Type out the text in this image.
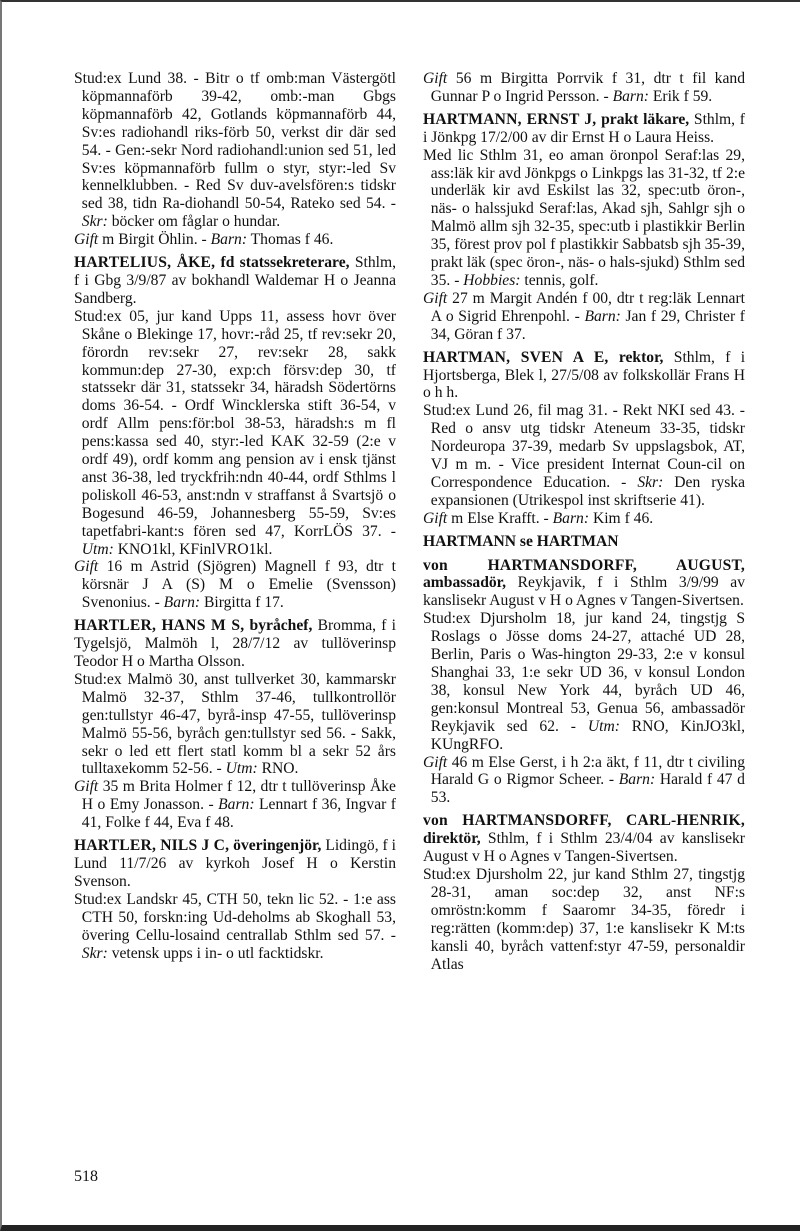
Stud:ex Lund 38. - Bitr o tf omb:man Västergötl köpmannaförb 39-42, omb:-man Gbgs köpmannaförb 42, Gotlands köpmannaförb 44, Sv:es radiohandl riks-förb 50, verkst dir där sed 54. - Gen:-sekr Nord radiohandl:union sed 51, led Sv:es köpmannaförb fullm o styr, styr:-led Sv kennelklubben. - Red Sv duv-avelsfören:s tidskr sed 38, tidn Ra-diohandl 50-54, Rateko sed 54. - Skr: böcker om fåglar o hundar.

Gift m Birgit Öhlin. - Barn: Thomas f 46.

HARTELIUS, ÅKE, fd statssekreterare, Sthlm, f i Gbg 3/9/87 av bokhandl Waldemar H o Jeanna Sandberg.

Stud:ex 05, jur kand Upps 11, assess hovr över Skåne o Blekinge 17, hovr:-råd 25, tf rev:sekr 20, förordn rev:sekr 27, rev:sekr 28, sakk kommun:dep 27-30, exp:ch försv:dep 30, tf statssekr där 31, statssekr 34, häradsh Södertörns doms 36-54. - Ordf Wincklerska stift 36-54, v ordf Allm pens:för:bol 38-53, häradsh:s m fl pens:kassa sed 40, styr:-led KAK 32-59 (2:e v ordf 49), ordf komm ang pension av i ensk tjänst anst 36-38, led tryckfrih:ndn 40-44, ordf Sthlms l poliskoll 46-53, anst:ndn v straffanst å Svartsjö o Bogesund 46-59, Johannesberg 55-59, Sv:es tapetfabri-kant:s fören sed 47, KorrLÖS 37. - Utm: KNO1kl, KFinlVRO1kl.

Gift 16 m Astrid (Sjögren) Magnell f 93, dtr t körsnär J A (S) M o Emelie (Svensson) Svenonius. - Barn: Birgitta f 17.

HARTLER, HANS M S, byråchef, Bromma, f i Tygelsjö, Malmöh l, 28/7/12 av tullöverinsp Teodor H o Martha Olsson.

Stud:ex Malmö 30, anst tullverket 30, kammarskr Malmö 32-37, Sthlm 37-46, tullkontrollör gen:tullstyr 46-47, byrå-insp 47-55, tullöverinsp Malmö 55-56, byråch gen:tullstyr sed 56. - Sakk, sekr o led ett flert statl komm bl a sekr 52 års tulltaxekomm 52-56. - Utm: RNO.

Gift 35 m Brita Holmer f 12, dtr t tullöverinsp Åke H o Emy Jonasson. - Barn: Lennart f 36, Ingvar f 41, Folke f 44, Eva f 48.

HARTLER, NILS J C, överingenjör, Lidingö, f i Lund 11/7/26 av kyrkoh Josef H o Kerstin Svenson.

Stud:ex Landskr 45, CTH 50, tekn lic 52. - 1:e ass CTH 50, forskn:ing Ud-deholms ab Skoghall 53, övering Cellu-losaind centrallab Sthlm sed 57. - Skr: vetensk upps i in- o utl facktidskr.

Gift 56 m Birgitta Porrvik f 31, dtr t fil kand Gunnar P o Ingrid Persson. - Barn: Erik f 59.

HARTMANN, ERNST J, prakt läkare, Sthlm, f i Jönkpg 17/2/00 av dir Ernst H o Laura Heiss.

Med lic Sthlm 31, eo aman öronpol Seraf:las 29, ass:läk kir avd Jönkpgs o Linkpgs las 31-32, tf 2:e underläk kir avd Eskilst las 32, spec:utb öron-, näs- o halssjukd Seraf:las, Akad sjh, Sahlgr sjh o Malmö allm sjh 32-35, spec:utb i plastikkir Berlin 35, förest prov pol f plastikkir Sabbatsb sjh 35-39, prakt läk (spec öron-, näs- o hals-sjukd) Sthlm sed 35. - Hobbies: tennis, golf.

Gift 27 m Margit Andén f 00, dtr t reg:läk Lennart A o Sigrid Ehrenpohl. - Barn: Jan f 29, Christer f 34, Göran f 37.

HARTMAN, SVEN A E, rektor, Sthlm, f i Hjortsberga, Blek l, 27/5/08 av folkskollär Frans H o h h.

Stud:ex Lund 26, fil mag 31. - Rekt NKI sed 43. - Red o ansv utg tidskr Ateneum 33-35, tidskr Nordeuropa 37-39, medarb Sv uppslagsbok, AT, VJ m m. - Vice president Internat Coun-cil on Correspondence Education. - Skr: Den ryska expansionen (Utrikespol inst skriftserie 41).

Gift m Else Krafft. - Barn: Kim f 46.

HARTMANN se HARTMAN

von HARTMANSDORFF, AUGUST, ambassadör, Reykjavik, f i Sthlm 3/9/99 av kanslisekr August v H o Agnes v Tangen-Sivertsen.

Stud:ex Djursholm 18, jur kand 24, tingstjg S Roslags o Jösse doms 24-27, attaché UD 28, Berlin, Paris o Was-hington 29-33, 2:e v konsul Shanghai 33, 1:e sekr UD 36, v konsul London 38, konsul New York 44, byråch UD 46, gen:konsul Montreal 53, Genua 56, ambassadör Reykjavik sed 62. - Utm: RNO, KinJO3kl, KUngRFO.

Gift 46 m Else Gerst, i h 2:a äkt, f 11, dtr t civiling Harald G o Rigmor Scheer. - Barn: Harald f 47 d 53.

von HARTMANSDORFF, CARL-HENRIK, direktör, Sthlm, f i Sthlm 23/4/04 av kanslisekr August v H o Agnes v Tangen-Sivertsen.

Stud:ex Djursholm 22, jur kand Sthlm 27, tingstjg 28-31, aman soc:dep 32, anst NF:s omröstn:komm f Saaromr 34-35, föredr i reg:rätten (komm:dep) 37, 1:e kanslisekr K M:ts kansli 40, byråch vattenf:styr 47-59, personaldir Atlas

518
